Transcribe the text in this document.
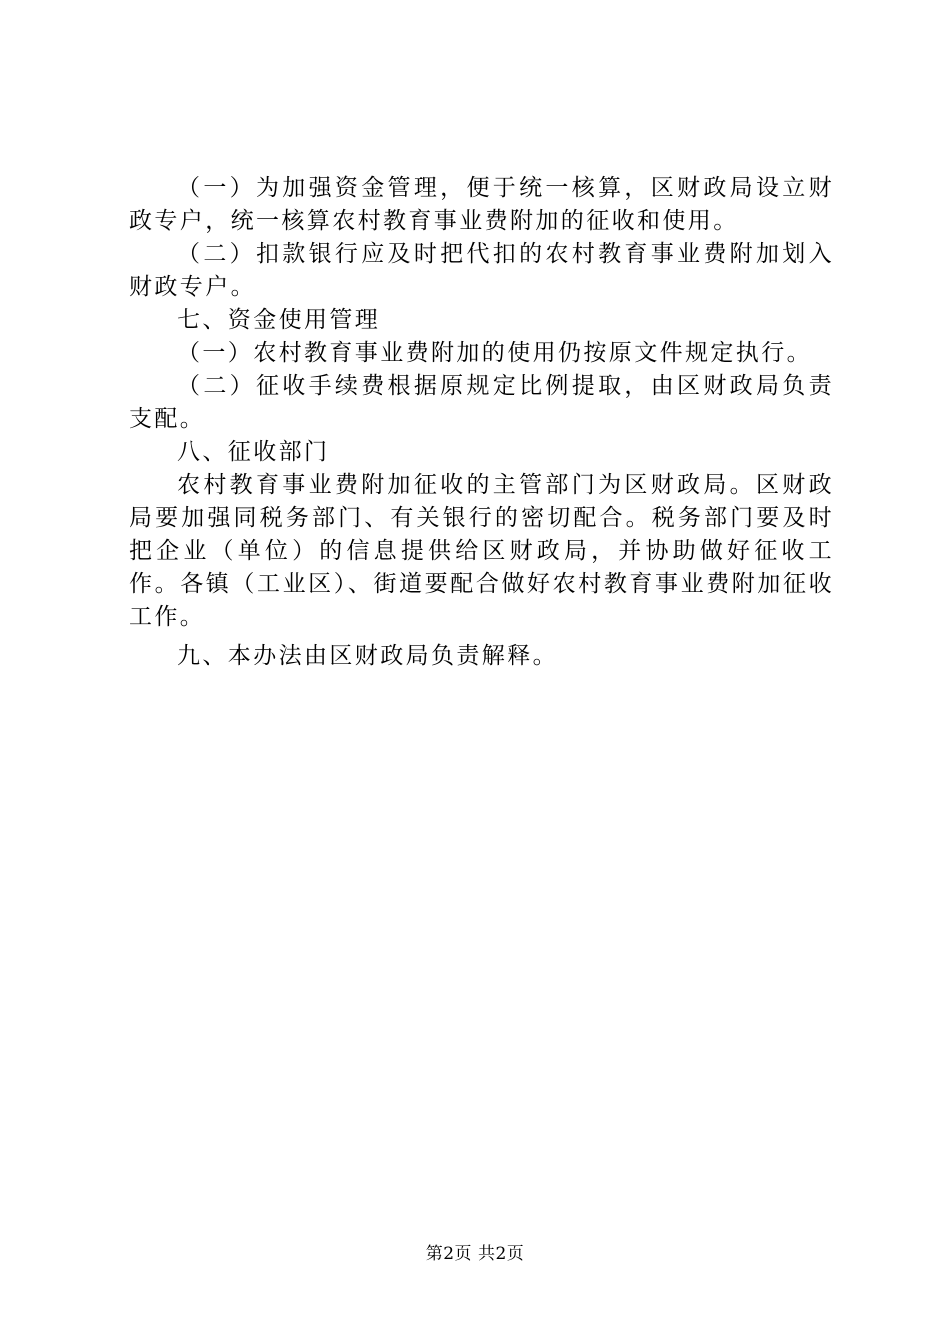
（一）为加强资金管理，便于统一核算，区财政局设立财政专户，统一核算农村教育事业费附加的征收和使用。

（二）扣款银行应及时把代扣的农村教育事业费附加划入财政专户。

七、资金使用管理

（一）农村教育事业费附加的使用仍按原文件规定执行。

（二）征收手续费根据原规定比例提取，由区财政局负责支配。

八、征收部门

农村教育事业费附加征收的主管部门为区财政局。区财政局要加强同税务部门、有关银行的密切配合。税务部门要及时把企业（单位）的信息提供给区财政局，并协助做好征收工作。各镇（工业区）、街道要配合做好农村教育事业费附加征收工作。

九、本办法由区财政局负责解释。

第2页 共2页
